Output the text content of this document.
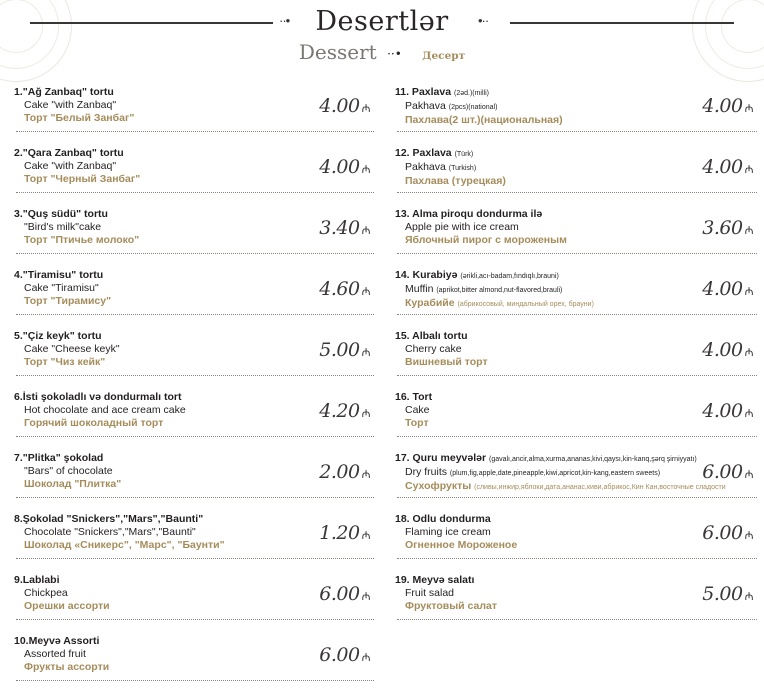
··• Desertlər	•··
Dessert ··• Десерт
1."Ağ Zanbaq" tortu
Cake "with Zanbaq"
Торт "Белый Занбаг"
4.00 ₼
2."Qara Zanbaq" tortu
Cake "with Zanbaq"
Торт "Черный Занбаг"
4.00 ₼
3."Quş südü" tortu
"Bird's milk"cake
Торт "Птичье молоко"
3.40 ₼
4."Tiramisu" tortu
Cake "Tiramisu"
Торт "Тирамису"
4.60 ₼
5."Çiz keyk" tortu
Cake "Cheese keyk"
Торт "Чиз кейк"
5.00 ₼
6.İsti şokoladlı və dondurmalı tort
Hot chocolate and ace cream cake
Горячий шоколадный торт
4.20 ₼
7."Plitka" şokolad
"Bars" of chocolate
Шоколад "Плитка"
2.00 ₼
8.Şokolad "Snickers","Mars","Baunti"
Chocolate "Snickers","Mars","Baunti"
Шоколад «Сникерс", "Марс", "Баунти"
1.20 ₼
9.Lablabi
Chickpea
Орешки ассорти
6.00 ₼
10.Meyvə Assorti
Assorted fruit
Фрукты ассорти
6.00 ₼
11. Paxlava (2əd.)(milli)
Pakhava (2pcs)(national)
Пахлава(2 шт.)(национальная)
4.00 ₼
12. Paxlava (Türk)
Pakhava (Turkish)
Пахлава (турецкая)
4.00 ₼
13. Alma piroqu dondurma ilə
Apple pie with ice cream
Яблочный пирог с мороженым
3.60 ₼
14. Kurabiyə (ərikli,acı-badam,fındıqlı,brauni)
Muffin (aprikot,bitter almond,nut-flavored,brauli)
Курабийе (абрикосовый, миндальный орех, брауни)
4.00 ₼
15. Albalı tortu
Cherry cake
Вишневый торт
4.00 ₼
16. Tort
Cake
Торт
4.00 ₼
17. Quru meyvələr (gavalı,ancir,alma,xurma,ananas,kivi,qaysı,kin-kanq,şərq şirniyyatı)
Dry fruits (plum,fig,apple,date,pineapple,kiwi,apricot,kin-kang,eastern sweets)
Сухофрукты (сливы,инжир,яблоки,дата,ананас,киви,абрикос,Кин Кан,восточные сладости
6.00 ₼
18. Odlu dondurma
Flaming ice cream
Огненное Мороженое
6.00 ₼
19. Meyvə salatı
Fruit salad
Фруктовый салат
5.00 ₼
